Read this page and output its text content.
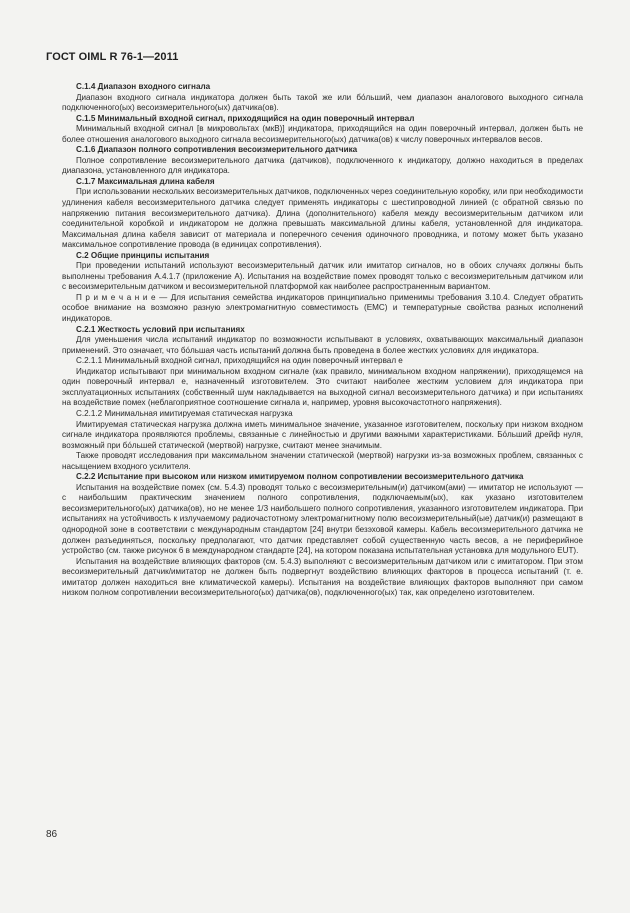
ГОСТ OIML R 76-1—2011

С.1.4 Диапазон входного сигнала

Диапазон входного сигнала индикатора должен быть такой же или бо́льший, чем диапазон аналогового выходного сигнала подключенного(ых) весоизмерительного(ых) датчика(ов).

С.1.5 Минимальный входной сигнал, приходящийся на один поверочный интервал

Минимальный входной сигнал [в микровольтах (мкВ)] индикатора, приходящийся на один поверочный интервал, должен быть не более отношения аналогового выходного сигнала весоизмерительного(ых) датчика(ов) к числу поверочных интервалов весов.

С.1.6 Диапазон полного сопротивления весоизмерительного датчика

Полное сопротивление весоизмерительного датчика (датчиков), подключенного к индикатору, должно находиться в пределах диапазона, установленного для индикатора.

С.1.7 Максимальная длина кабеля

При использовании нескольких весоизмерительных датчиков, подключенных через соединительную коробку, или при необходимости удлинения кабеля весоизмерительного датчика следует применять индикаторы с шестипроводной линией (с обратной связью по напряжению питания весоизмерительного датчика). Длина (дополнительного) кабеля между весоизмерительным датчиком или соединительной коробкой и индикатором не должна превышать максимальной длины кабеля, установленной для индикатора. Максимальная длина кабеля зависит от материала и поперечного сечения одиночного проводника, и потому может быть указано максимальное сопротивление провода (в единицах сопротивления).

С.2 Общие принципы испытания

При проведении испытаний используют весоизмерительный датчик или имитатор сигналов, но в обоих случаях должны быть выполнены требования А.4.1.7 (приложение А). Испытания на воздействие помех проводят только с весоизмерительным датчиком или с весоизмерительным датчиком и весоизмерительной платформой как наиболее распространенным вариантом.

П р и м е ч а н и е — Для испытания семейства индикаторов принципиально применимы требования 3.10.4. Следует обратить особое внимание на возможно разную электромагнитную совместимость (ЕМС) и температурные свойства разных исполнений индикаторов.

С.2.1 Жесткость условий при испытаниях

Для уменьшения числа испытаний индикатор по возможности испытывают в условиях, охватывающих максимальный диапазон применений. Это означает, что бо́льшая часть испытаний должна быть проведена в более жестких условиях для индикатора.

С.2.1.1 Минимальный входной сигнал, приходящийся на один поверочный интервал e

Индикатор испытывают при минимальном входном сигнале (как правило, минимальном входном напряжении), приходящемся на один поверочный интервал e, назначенный изготовителем. Это считают наиболее жестким условием для индикатора при эксплуатационных испытаниях (собственный шум накладывается на выходной сигнал весоизмерительного датчика) и при испытаниях на воздействие помех (неблагоприятное соотношение сигнала и, например, уровня высокочастотного напряжения).

С.2.1.2 Минимальная имитируемая статическая нагрузка

Имитируемая статическая нагрузка должна иметь минимальное значение, указанное изготовителем, поскольку при низком входном сигнале индикатора проявляются проблемы, связанные с линейностью и другими важными характеристиками. Бо́льший дрейф нуля, возможный при бо́льшей статической (мертвой) нагрузке, считают менее значимым.

Также проводят исследования при максимальном значении статической (мертвой) нагрузки из-за возможных проблем, связанных с насыщением входного усилителя.

С.2.2 Испытание при высоком или низком имитируемом полном сопротивлении весоизмерительного датчика

Испытания на воздействие помех (см. 5.4.3) проводят только с весоизмерительным(и) датчиком(ами) — имитатор не используют — с наибольшим практическим значением полного сопротивления, подключаемым(ых), как указано изготовителем весоизмерительного(ых) датчика(ов), но не менее 1/3 наибольшего полного сопротивления, указанного изготовителем индикатора. При испытаниях на устойчивость к излучаемому радиочастотному электромагнитному полю весоизмерительный(ые) датчик(и) размещают в однородной зоне в соответствии с международным стандартом [24] внутри безэховой камеры. Кабель весоизмерительного датчика не должен разъединяться, поскольку предполагают, что датчик представляет собой существенную часть весов, а не периферийное устройство (см. также рисунок 6 в международном стандарте [24], на котором показана испытательная установка для модульного EUT).

Испытания на воздействие влияющих факторов (см. 5.4.3) выполняют с весоизмерительным датчиком или с имитатором. При этом весоизмерительный датчик/имитатор не должен быть подвергнут воздействию влияющих факторов в процесса испытаний (т. е. имитатор должен находиться вне климатической камеры). Испытания на воздействие влияющих факторов выполняют при самом низком полном сопротивлении весоизмерительного(ых) датчика(ов), подключенного(ых) так, как определено изготовителем.

86
